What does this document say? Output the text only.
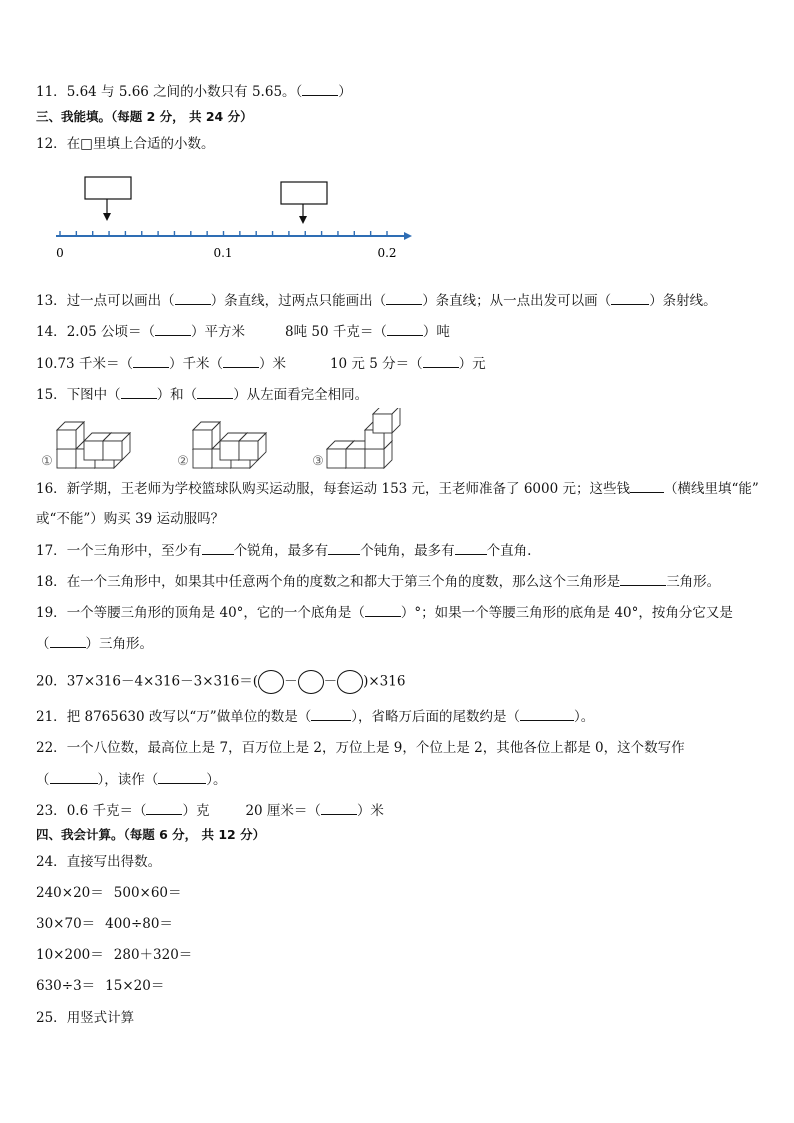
11．5.64 与 5.66 之间的小数只有 5.65。（	）
三、我能填。（每题 2 分， 共 24 分）
12．在□里填上合适的小数。
0	0.1	0.2
13．过一点可以画出（	）条直线，过两点只能画出（	）条直线；从一点出发可以画（	）条射线。
14．2.05 公顷＝（	）平方米	8吨 50 千克＝（	）吨
10.73 千米＝（	）千米（	）米	10 元 5 分＝（	）元
15．下图中（	）和（	）从左面看完全相同。
①	②	③
16．新学期，王老师为学校篮球队购买运动服，每套运动 153 元，王老师准备了 6000 元；这些钱	（横线里填“能”
或“不能”）购买 39 运动服吗？
17．一个三角形中，至少有 个锐角，最多有 个钝角，最多有 个直角.
18．在一个三角形中，如果其中任意两个角的度数之和都大于第三个角的度数，那么这个三角形是	三角形。
19．一个等腰三角形的顶角是 40°，它的一个底角是（	）°；如果一个等腰三角形的底角是 40°，按角分它又是
（	）三角形。
20．37×316－4×316－3×316＝( － － )×316
21．把 8765630 改写以“万”做单位的数是（	），省略万后面的尾数约是（	）。
22．一个八位数，最高位上是 7，百万位上是 2，万位上是 9，个位上是 2，其他各位上都是 0，这个数写作
（	），读作（	）。
23．0.6 千克＝（	）克	20 厘米＝（	）米
四、我会计算。（每题 6 分， 共 12 分）
24．直接写出得数。
240×20＝ 500×60＝
30×70＝ 400÷80＝
10×200＝ 280＋320＝
630÷3＝ 15×20＝
25．用竖式计算
